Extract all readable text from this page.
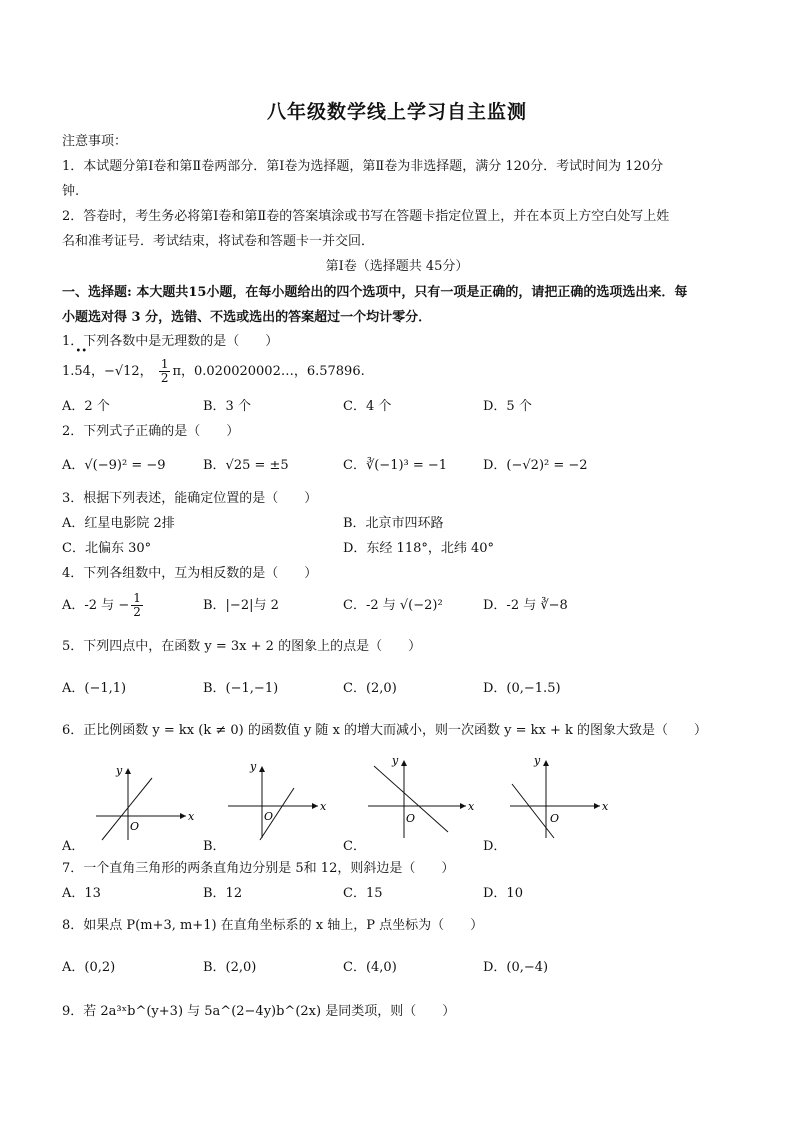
八年级数学线上学习自主监测
注意事项：
1．本试题分第Ⅰ卷和第Ⅱ卷两部分．第Ⅰ卷为选择题，第Ⅱ卷为非选择题，满分 120分．考试时间为 120分
钟.
2．答卷时，考生务必将第Ⅰ卷和第Ⅱ卷的答案填涂或书写在答题卡指定位置上，并在本页上方空白处写上姓
名和准考证号．考试结束，将试卷和答题卡一并交回．
第Ⅰ卷（选择题共 45分）
一、选择题: 本大题共15小题，在每小题给出的四个选项中，只有一项是正确的，请把正确的选项选出来．每
小题选对得 3 分，选错、不选或选出的答案超过一个均计零分．
1．下列各数中是无理数的是（　　）
1.54
••
，−√12， $\frac{1}{2}$ π，0.020020002…，6.57896.
A．2 个	B．3 个	C．4 个	D．5 个
2．下列式子正确的是（　　）
A．√(−9)² = −9	B．√25 = ±5	C．∛(−1)³ = −1	D．(−√2)² = −2
3．根据下列表述，能确定位置的是（　　）
A．红星电影院 2排	B．北京市四环路
C．北偏东 30°	D．东经 118°，北纬 40°
4．下列各组数中，互为相反数的是（　　）
A．-2 与 − $\frac{1}{2}$	B．|−2|与 2	C．-2 与 √(−2)²	D．-2 与 ∛−8
5．下列四点中，在函数 y = 3x + 2 的图象上的点是（　　）
A．(−1,1)	B．(−1,−1)	C．(2,0)	D．(0,−1.5)
6．正比例函数 y = kx (k ≠ 0) 的函数值 y 随 x 的增大而减小，则一次函数 y = kx + k 的图象大致是（　　）
x
y
O
x
y
O
x
y
O
x
y
O
A．	B．	C．	D．
7．一个直角三角形的两条直角边分别是 5和 12，则斜边是（　　）
A．13	B．12	C．15	D．10
8．如果点 P(m+3, m+1) 在直角坐标系的 x 轴上，P 点坐标为（　　）
A．(0,2)	B．(2,0)	C．(4,0)	D．(0,−4)
9．若 2a³ˣb^(y+3) 与 5a^(2−4y)b^(2x) 是同类项，则（　　）
